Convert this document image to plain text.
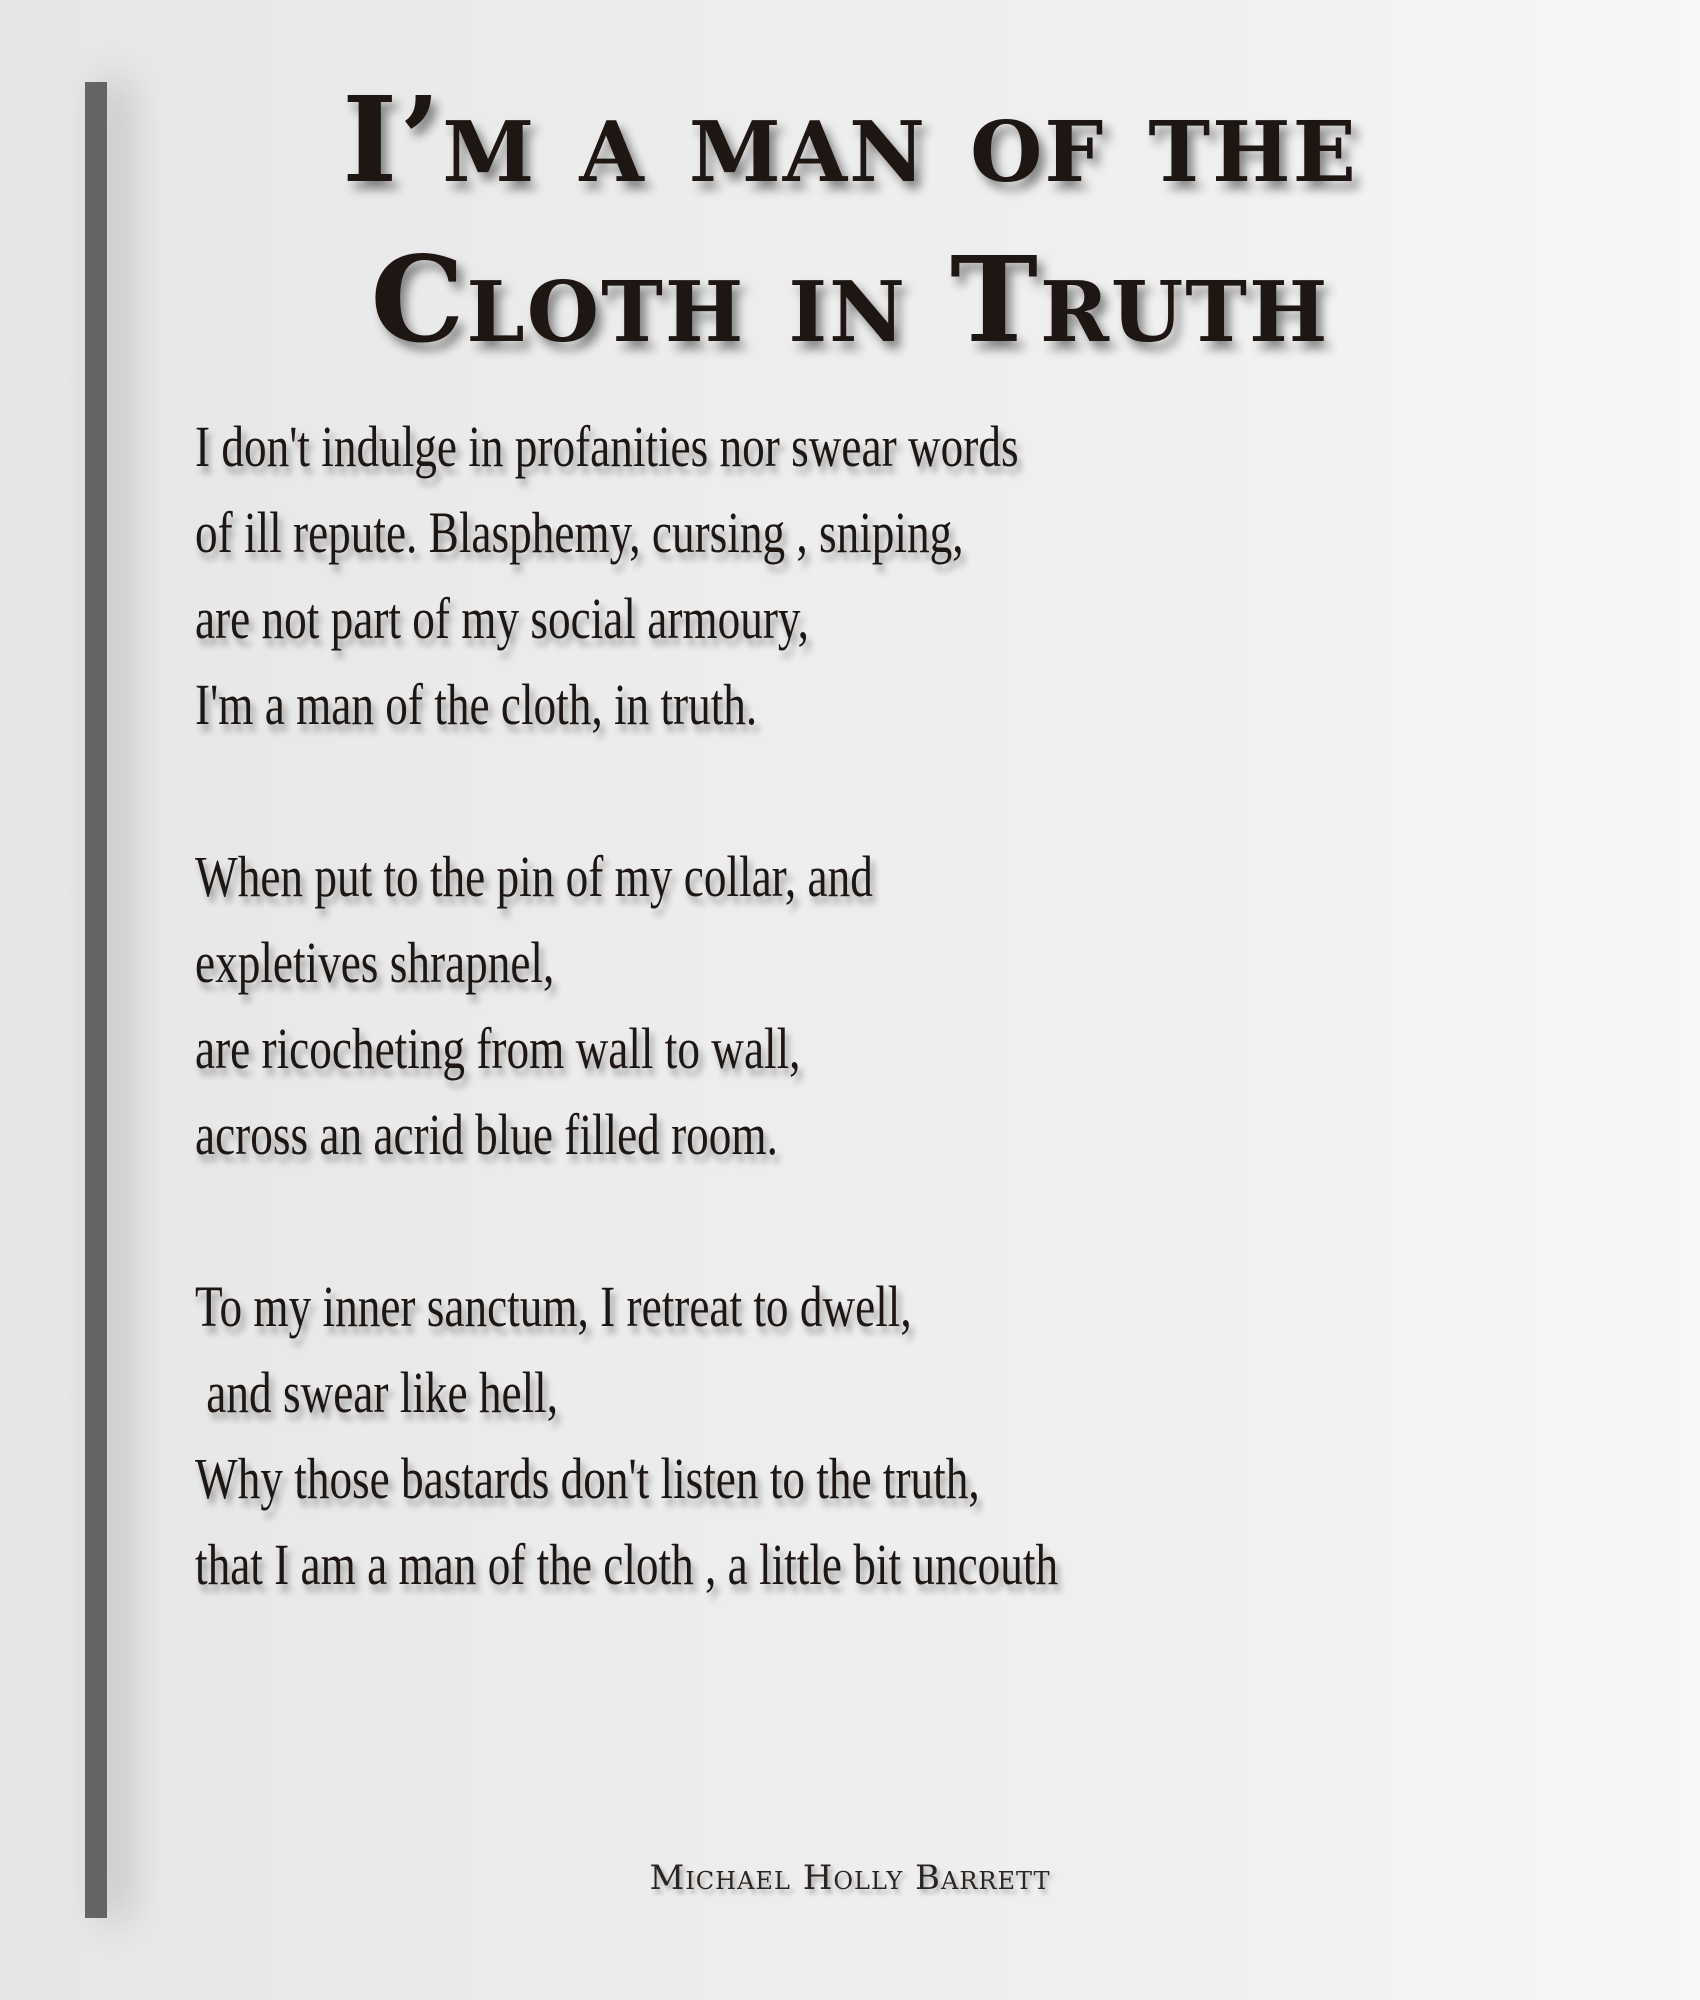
I’m a man of the
Cloth in Truth
I don't indulge in profanities nor swear words
of ill repute. Blasphemy, cursing , sniping,
are not part of my social armoury,
I'm a man of the cloth, in truth.
When put to the pin of my collar, and
expletives shrapnel,
are ricocheting from wall to wall,
across an acrid blue filled room.
To my inner sanctum, I retreat to dwell,
and swear like hell,
Why those bastards don't listen to the truth,
that I am a man of the cloth , a little bit uncouth
Michael Holly Barrett
